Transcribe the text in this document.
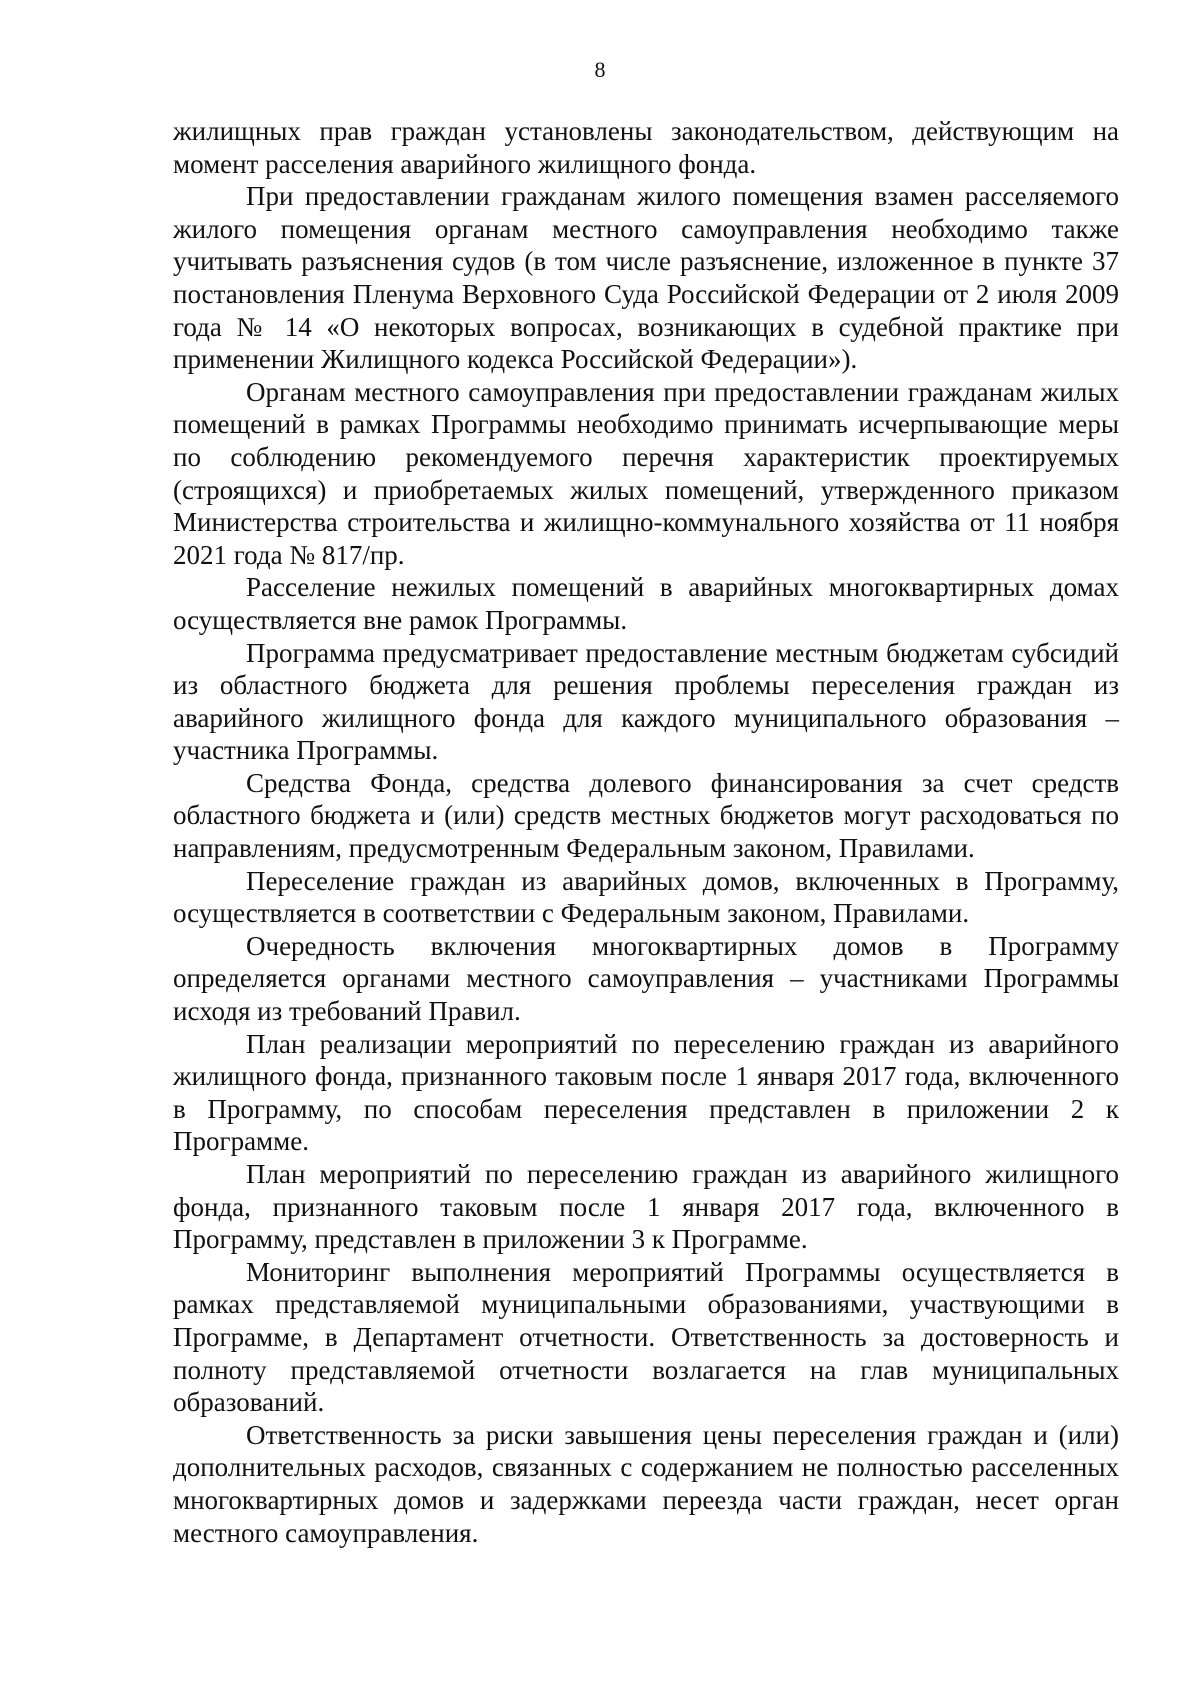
8

жилищных прав граждан установлены законодательством, действующим на момент расселения аварийного жилищного фонда.

При предоставлении гражданам жилого помещения взамен расселяемого жилого помещения органам местного самоуправления необходимо также учитывать разъяснения судов (в том числе разъяснение, изложенное в пункте 37 постановления Пленума Верховного Суда Российской Федерации от 2 июля 2009 года № 14 «О некоторых вопросах, возникающих в судебной практике при применении Жилищного кодекса Российской Федерации»).

Органам местного самоуправления при предоставлении гражданам жилых помещений в рамках Программы необходимо принимать исчерпывающие меры по соблюдению рекомендуемого перечня характеристик проектируемых (строящихся) и приобретаемых жилых помещений, утвержденного приказом Министерства строительства и жилищно-коммунального хозяйства от 11 ноября 2021 года № 817/пр.

Расселение нежилых помещений в аварийных многоквартирных домах осуществляется вне рамок Программы.

Программа предусматривает предоставление местным бюджетам субсидий из областного бюджета для решения проблемы переселения граждан из аварийного жилищного фонда для каждого муниципального образования – участника Программы.

Средства Фонда, средства долевого финансирования за счет средств областного бюджета и (или) средств местных бюджетов могут расходоваться по направлениям, предусмотренным Федеральным законом, Правилами.

Переселение граждан из аварийных домов, включенных в Программу, осуществляется в соответствии с Федеральным законом, Правилами.

Очередность включения многоквартирных домов в Программу определяется органами местного самоуправления – участниками Программы исходя из требований Правил.

План реализации мероприятий по переселению граждан из аварийного жилищного фонда, признанного таковым после 1 января 2017 года, включенного в Программу, по способам переселения представлен в приложении 2 к Программе.

План мероприятий по переселению граждан из аварийного жилищного фонда, признанного таковым после 1 января 2017 года, включенного в Программу, представлен в приложении 3 к Программе.

Мониторинг выполнения мероприятий Программы осуществляется в рамках представляемой муниципальными образованиями, участвующими в Программе, в Департамент отчетности. Ответственность за достоверность и полноту представляемой отчетности возлагается на глав муниципальных образований.

Ответственность за риски завышения цены переселения граждан и (или) дополнительных расходов, связанных с содержанием не полностью расселенных многоквартирных домов и задержками переезда части граждан, несет орган местного самоуправления.
